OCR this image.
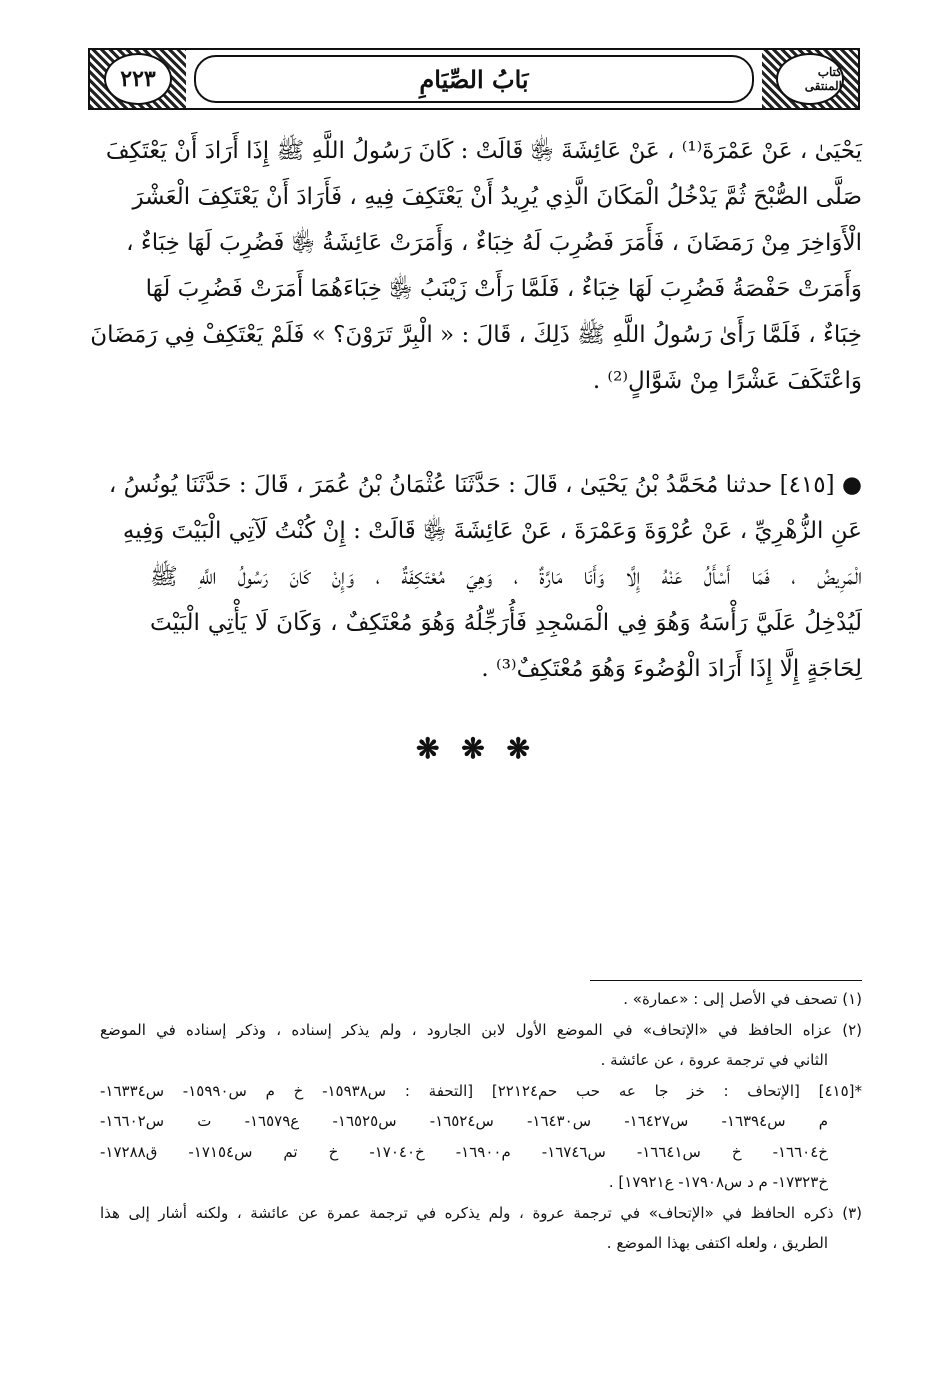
٢٢٣	بَابُ الصِّيَامِ	كتاب المنتقى
يَحْيَىٰ ، عَنْ عَمْرَةَ⁽¹⁾ ، عَنْ عَائِشَةَ ﵂ قَالَتْ : كَانَ رَسُولُ اللَّهِ ﷺ إِذَا أَرَادَ أَنْ يَعْتَكِفَ
صَلَّى الصُّبْحَ ثُمَّ يَدْخُلُ الْمَكَانَ الَّذِي يُرِيدُ أَنْ يَعْتَكِفَ فِيهِ ، فَأَرَادَ أَنْ يَعْتَكِفَ الْعَشْرَ
الْأَوَاخِرَ مِنْ رَمَضَانَ ، فَأَمَرَ فَضُرِبَ لَهُ خِبَاءٌ ، وَأَمَرَتْ عَائِشَةُ ﵂ فَضُرِبَ لَهَا خِبَاءٌ ،
وَأَمَرَتْ حَفْصَةُ فَضُرِبَ لَهَا خِبَاءٌ ، فَلَمَّا رَأَتْ زَيْنَبُ ﵂ خِبَاءَهُمَا أَمَرَتْ فَضُرِبَ لَهَا
خِبَاءٌ ، فَلَمَّا رَأَىٰ رَسُولُ اللَّهِ ﷺ ذَلِكَ ، قَالَ : « الْبِرَّ تَرَوْنَ؟ » فَلَمْ يَعْتَكِفْ فِي رَمَضَانَ
وَاعْتَكَفَ عَشْرًا مِنْ شَوَّالٍ⁽²⁾ .
● [٤١٥] حدثنا مُحَمَّدُ بْنُ يَحْيَىٰ ، قَالَ : حَدَّثَنَا عُثْمَانُ بْنُ عُمَرَ ، قَالَ : حَدَّثَنَا يُونُسُ ،
عَنِ الزُّهْرِيِّ ، عَنْ عُرْوَةَ وَعَمْرَةَ ، عَنْ عَائِشَةَ ﵂ قَالَتْ : إِنْ كُنْتُ لَآتِي الْبَيْتَ وَفِيهِ
الْمَرِيضُ ، فَمَا أَسْأَلُ عَنْهُ إِلَّا وَأَنَا مَارَّةٌ ، وَهِيَ مُعْتَكِفَةٌ ، وَإِنْ كَانَ رَسُولُ اللَّهِ ﷺ
لَيُدْخِلُ عَلَيَّ رَأْسَهُ وَهُوَ فِي الْمَسْجِدِ فَأُرَجِّلُهُ وَهُوَ مُعْتَكِفٌ ، وَكَانَ لَا يَأْتِي الْبَيْتَ
لِحَاجَةٍ إِلَّا إِذَا أَرَادَ الْوُضُوءَ وَهُوَ مُعْتَكِفٌ⁽³⁾ .
❋ ❋ ❋
(١) تصحف في الأصل إلى : «عمارة» .
(٢) عزاه الحافظ في «الإتحاف» في الموضع الأول لابن الجارود ، ولم يذكر إسناده ، وذكر إسناده في الموضع
الثاني في ترجمة عروة ، عن عائشة .
*[٤١٥] [الإتحاف : خز جا عه حب حم٢٢١٢٤] [التحفة : س١٥٩٣٨- خ م س١٥٩٩٠- س١٦٣٣٤-
م س١٦٣٩٤- س١٦٤٢٧- س١٦٤٣٠- س١٦٥٢٤- س١٦٥٢٥- ع١٦٥٧٩- ت س١٦٦٠٢-
خ١٦٦٠٤- خ س١٦٦٤١- س١٦٧٤٦- م١٦٩٠٠- خ١٧٠٤٠- خ تم س١٧١٥٤- ق١٧٢٨٨-
خ١٧٣٢٣- م د س١٧٩٠٨- ع١٧٩٢١] .
(٣) ذكره الحافظ في «الإتحاف» في ترجمة عروة ، ولم يذكره في ترجمة عمرة عن عائشة ، ولكنه أشار إلى هذا
الطريق ، ولعله اكتفى بهذا الموضع .
